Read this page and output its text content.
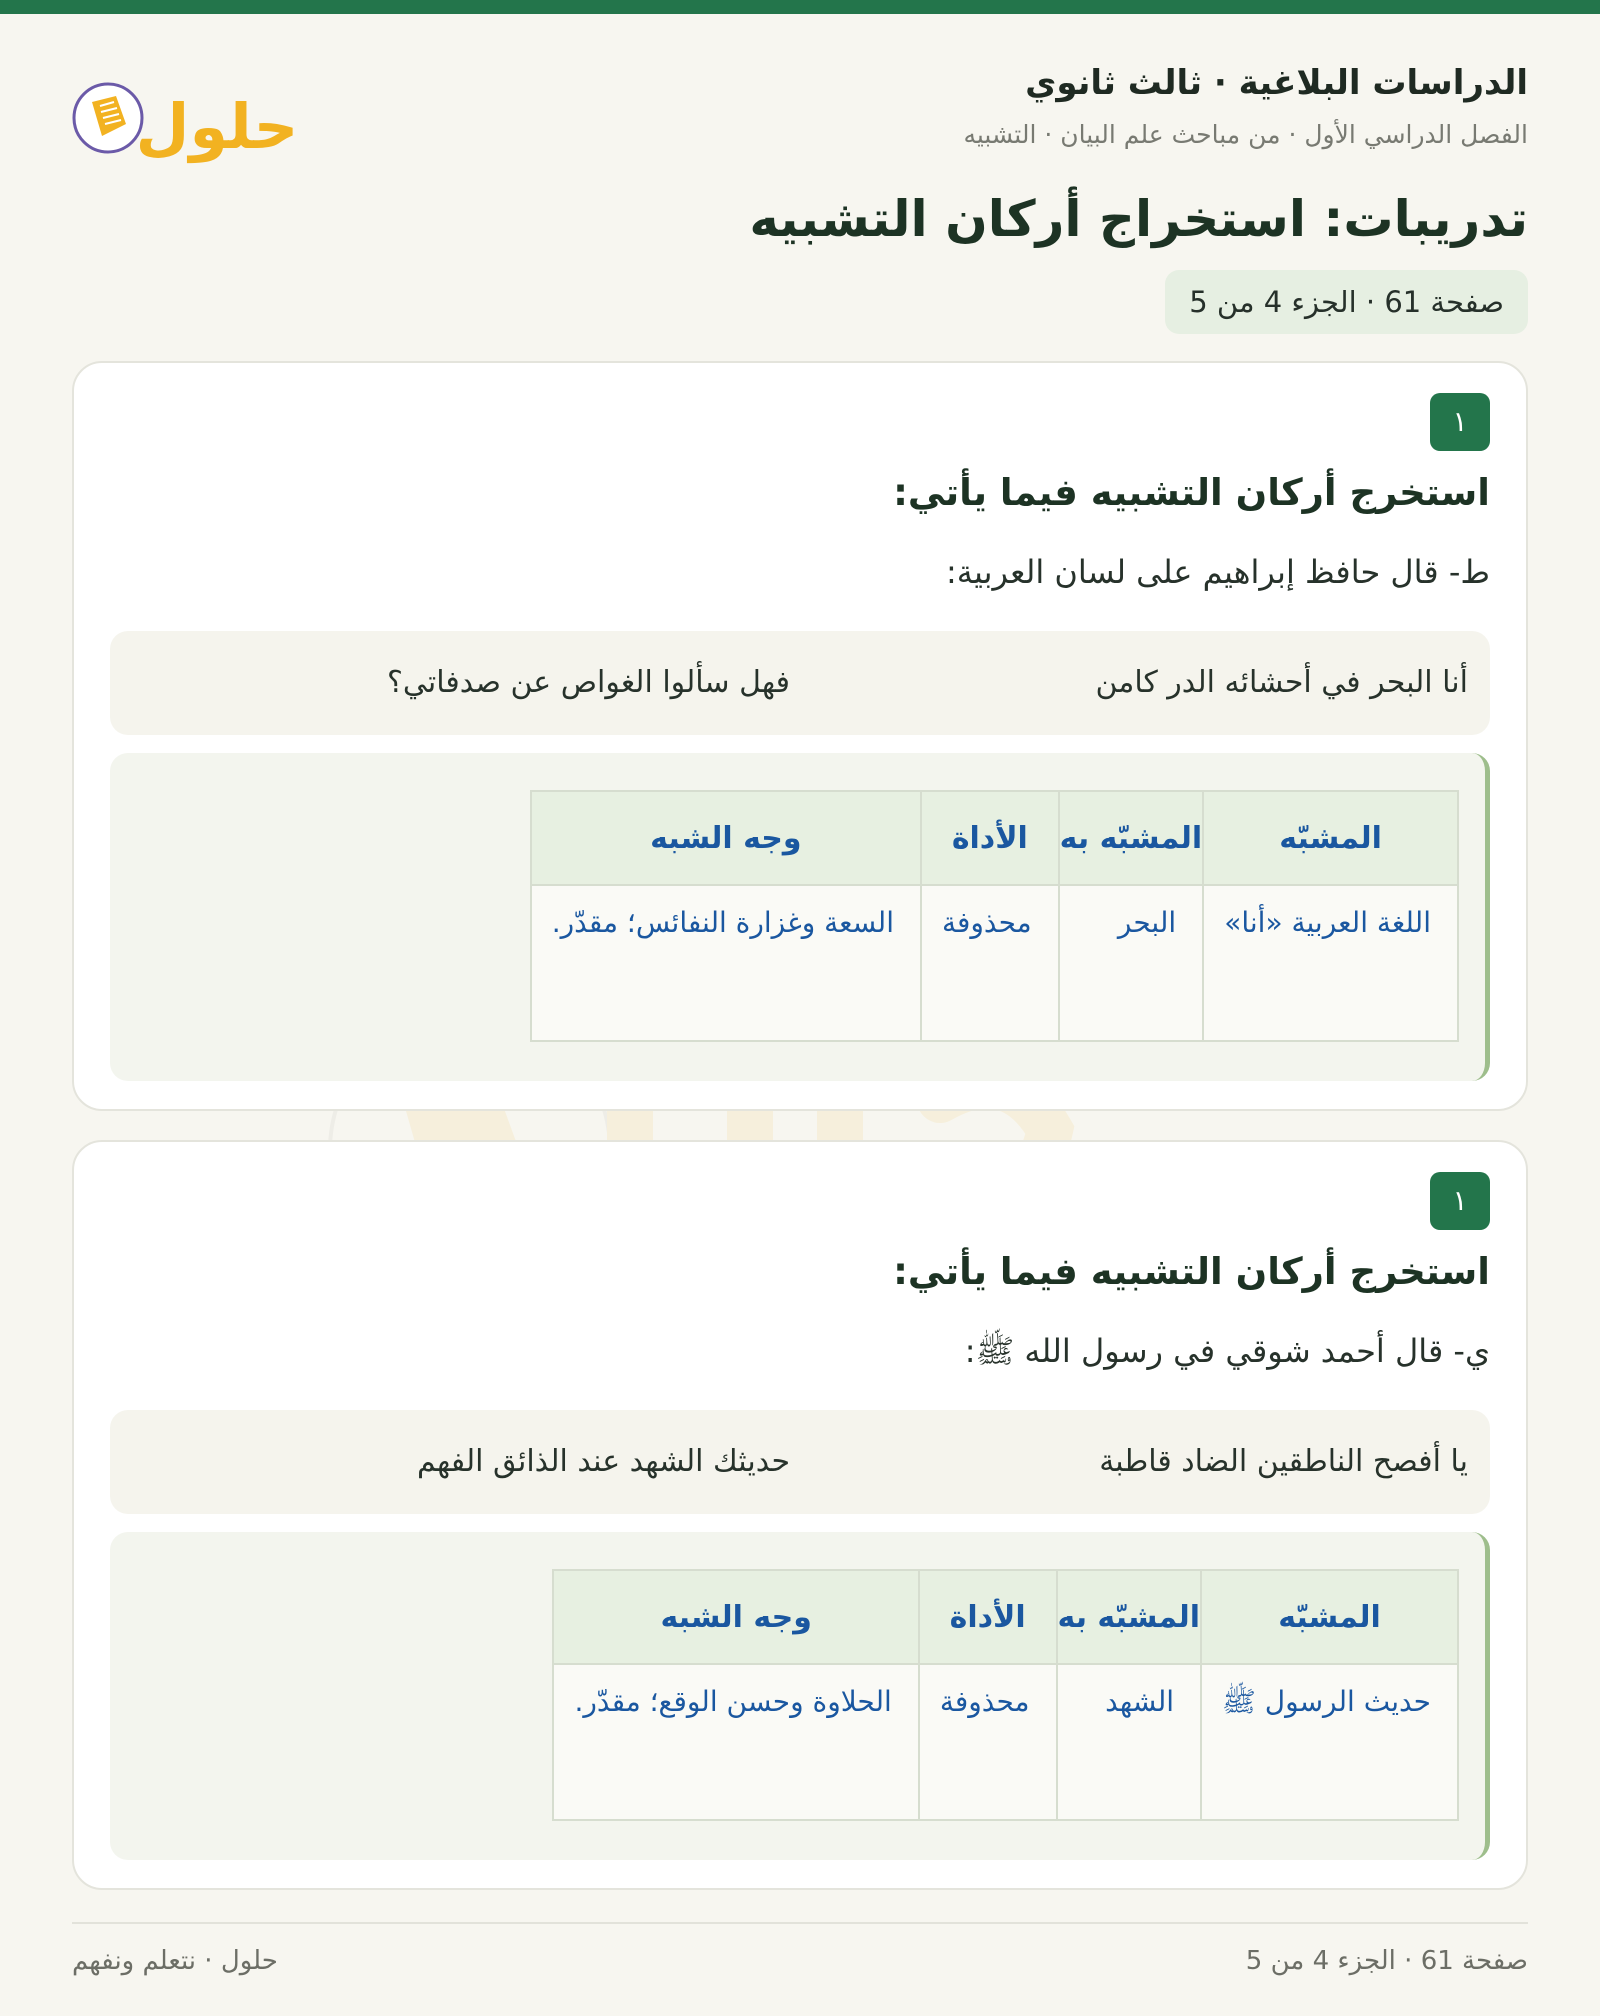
الدراسات البلاغية · ثالث ثانوي
الفصل الدراسي الأول · من مباحث علم البيان · التشبيه
حلول
تدريبات: استخراج أركان التشبيه
صفحة 61 · الجزء 4 من 5
١
استخرج أركان التشبيه فيما يأتي:

ط- قال حافظ إبراهيم على لسان العربية:

أنا البحر في أحشائه الدر كامن
فهل سألوا الغواص عن صدفاتي؟
المشبّه	المشبّه به	الأداة	وجه الشبه
اللغة العربية «أنا»	البحر	محذوفة	السعة وغزارة النفائس؛ مقدّر.
١
استخرج أركان التشبيه فيما يأتي:

ي- قال أحمد شوقي في رسول الله ﷺ:

يا أفصح الناطقين الضاد قاطبة
حديثك الشهد عند الذائق الفهم
المشبّه	المشبّه به	الأداة	وجه الشبه
حديث الرسول ﷺ	الشهد	محذوفة	الحلاوة وحسن الوقع؛ مقدّر.
صفحة 61 · الجزء 4 من 5
حلول · نتعلم ونفهم
